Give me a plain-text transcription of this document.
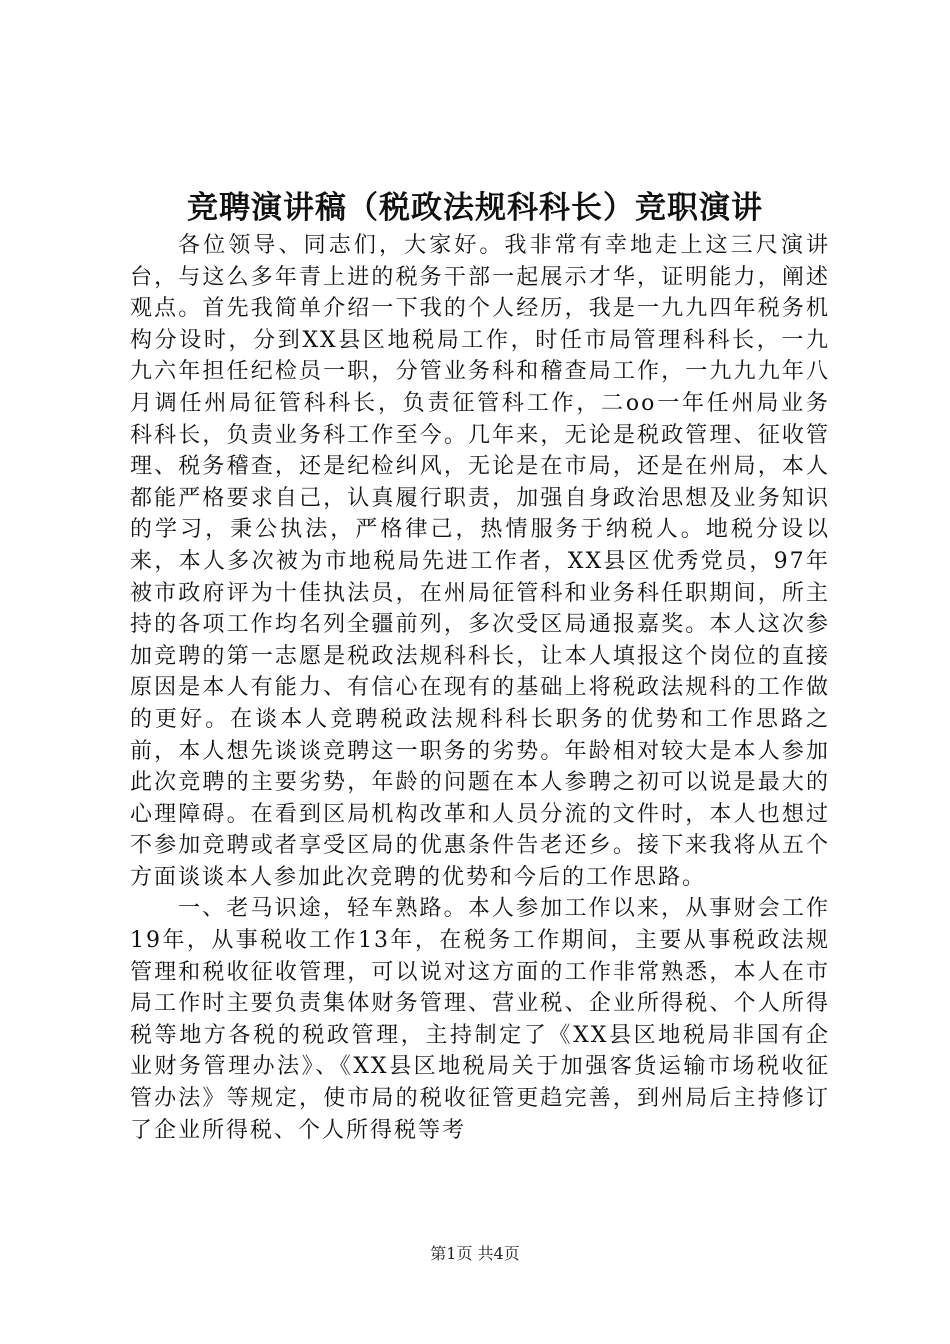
竞聘演讲稿（税政法规科科长）竞职演讲

各位领导、同志们，大家好。我非常有幸地走上这三尺演讲台，与这么多年青上进的税务干部一起展示才华，证明能力，阐述观点。首先我简单介绍一下我的个人经历，我是一九九四年税务机构分设时，分到XX县区地税局工作，时任市局管理科科长，一九九六年担任纪检员一职，分管业务科和稽查局工作，一九九九年八月调任州局征管科科长，负责征管科工作，二oo一年任州局业务科科长，负责业务科工作至今。几年来，无论是税政管理、征收管理、税务稽查，还是纪检纠风，无论是在市局，还是在州局，本人都能严格要求自己，认真履行职责，加强自身政治思想及业务知识的学习，秉公执法，严格律己，热情服务于纳税人。地税分设以来，本人多次被为市地税局先进工作者，XX县区优秀党员，97年被市政府评为十佳执法员，在州局征管科和业务科任职期间，所主持的各项工作均名列全疆前列，多次受区局通报嘉奖。本人这次参加竞聘的第一志愿是税政法规科科长，让本人填报这个岗位的直接原因是本人有能力、有信心在现有的基础上将税政法规科的工作做的更好。在谈本人竞聘税政法规科科长职务的优势和工作思路之前，本人想先谈谈竞聘这一职务的劣势。年龄相对较大是本人参加此次竞聘的主要劣势，年龄的问题在本人参聘之初可以说是最大的心理障碍。在看到区局机构改革和人员分流的文件时，本人也想过不参加竞聘或者享受区局的优惠条件告老还乡。接下来我将从五个方面谈谈本人参加此次竞聘的优势和今后的工作思路。

一、老马识途，轻车熟路。本人参加工作以来，从事财会工作19年，从事税收工作13年，在税务工作期间，主要从事税政法规管理和税收征收管理，可以说对这方面的工作非常熟悉，本人在市局工作时主要负责集体财务管理、营业税、企业所得税、个人所得税等地方各税的税政管理，主持制定了《XX县区地税局非国有企业财务管理办法》、《XX县区地税局关于加强客货运输市场税收征管办法》等规定，使市局的税收征管更趋完善，到州局后主持修订了企业所得税、个人所得税等考

第1页 共4页
